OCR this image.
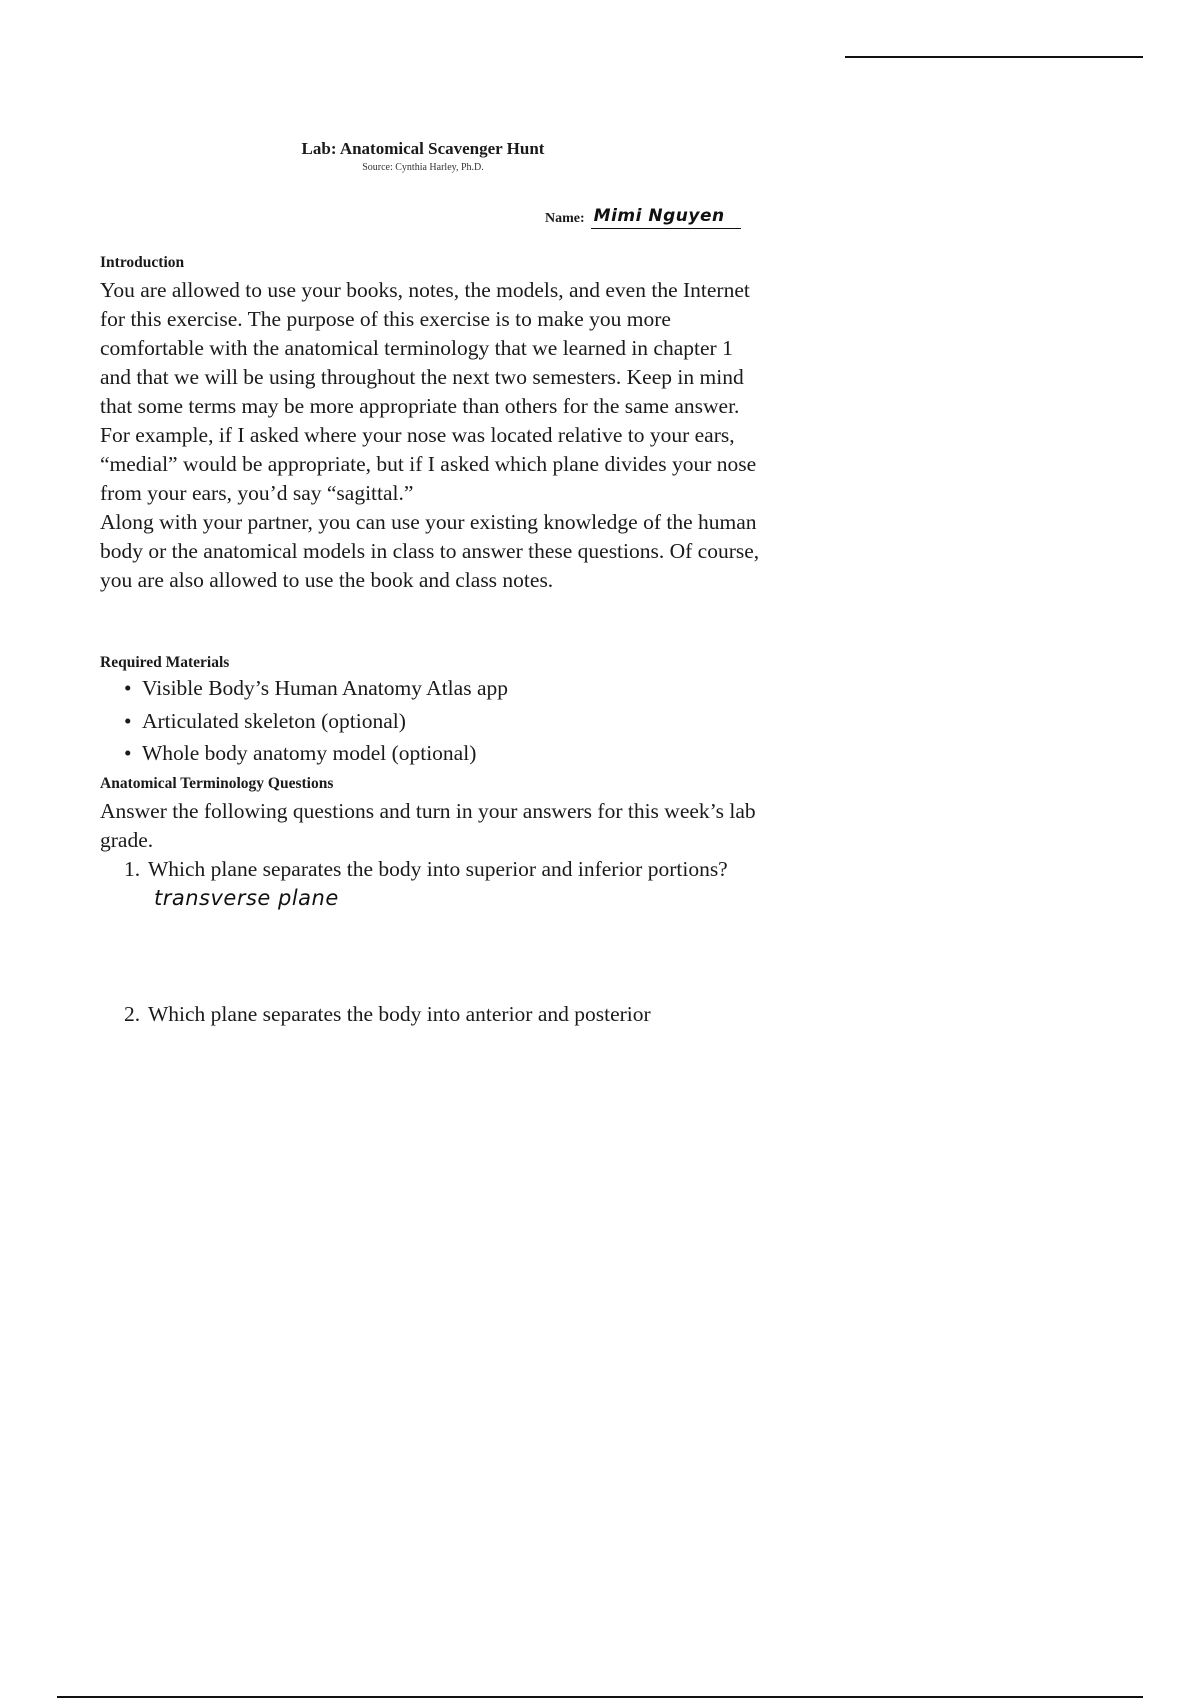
Lab: Anatomical Scavenger Hunt
Source: Cynthia Harley, Ph.D.
Name: Mimi Nguyen
Introduction

You are allowed to use your books, notes, the models, and even the Internet for this exercise. The purpose of this exercise is to make you more comfortable with the anatomical terminology that we learned in chapter 1 and that we will be using throughout the next two semesters. Keep in mind that some terms may be more appropriate than others for the same answer. For example, if I asked where your nose was located relative to your ears, “medial” would be appropriate, but if I asked which plane divides your nose from your ears, you’d say “sagittal.”

Along with your partner, you can use your existing knowledge of the human body or the anatomical models in class to answer these questions. Of course, you are also allowed to use the book and class notes.

Required Materials
• Visible Body’s Human Anatomy Atlas app
• Articulated skeleton (optional)
• Whole body anatomy model (optional)
Anatomical Terminology Questions

Answer the following questions and turn in your answers for this week’s lab grade.

1. Which plane separates the body into superior and inferior portions?transverse plane
2. Which plane separates the body into anterior and posterior
